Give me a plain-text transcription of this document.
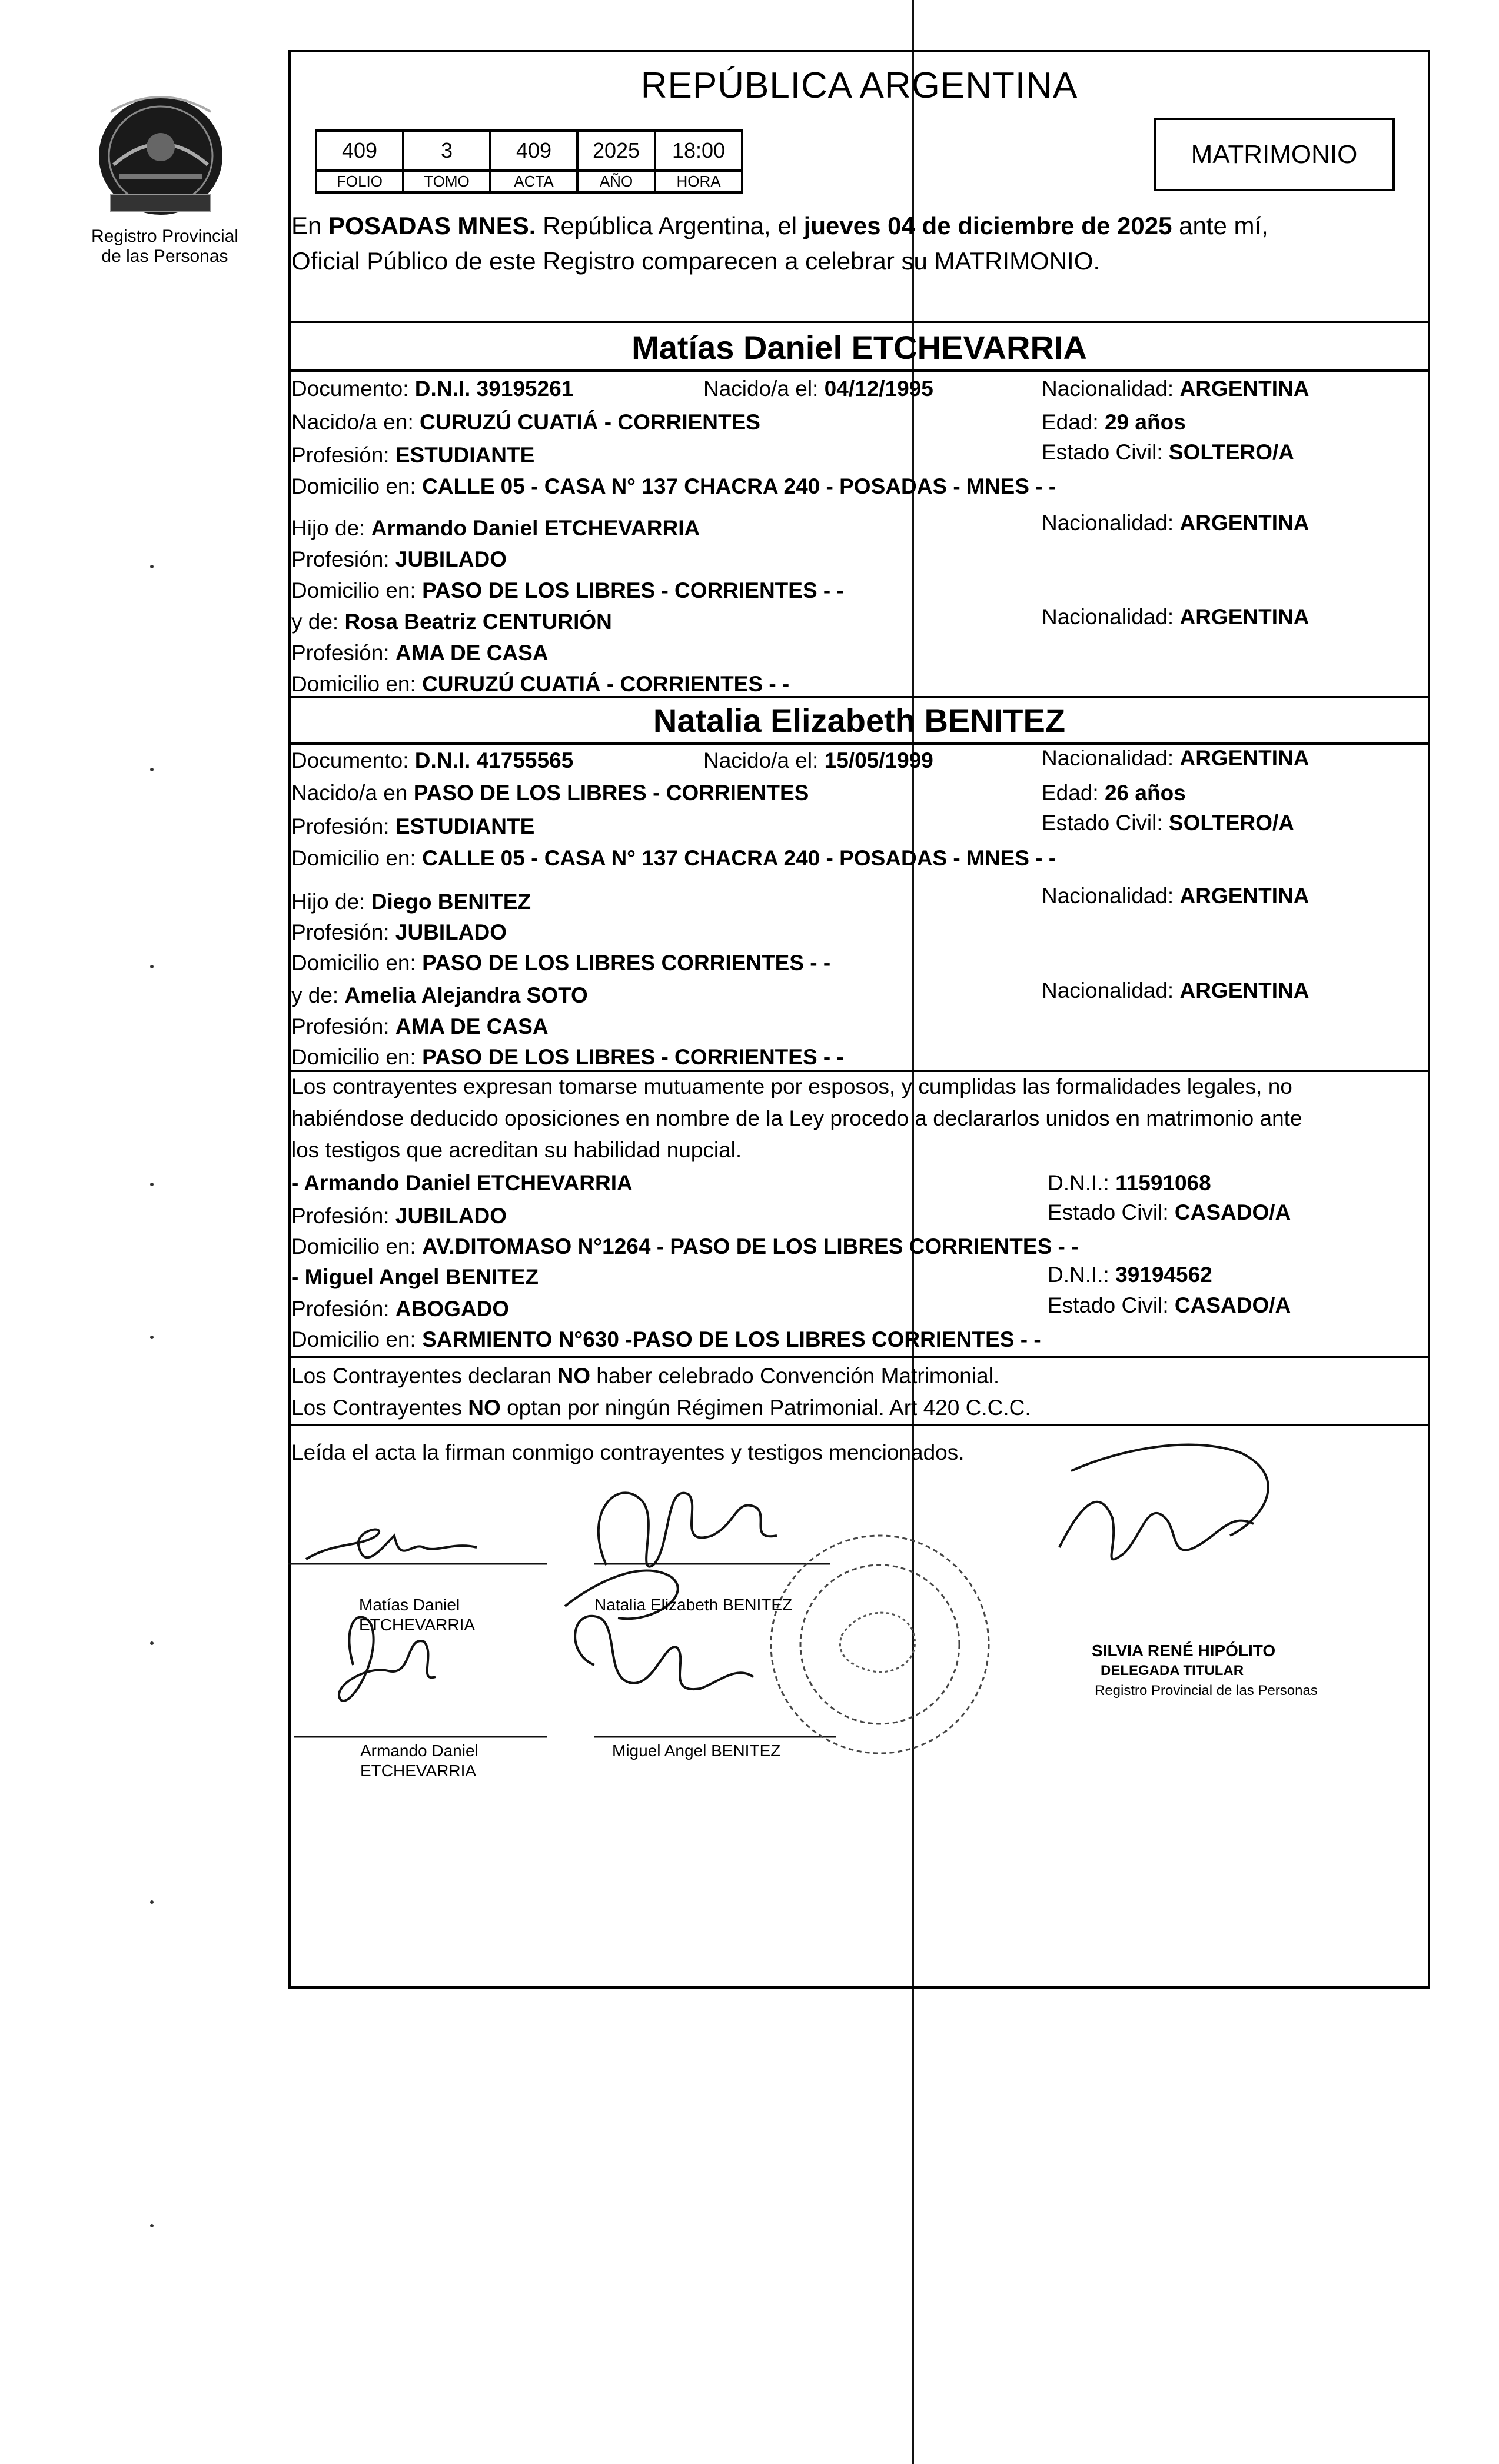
Registro Provincial
de las Personas
REPÚBLICA ARGENTINA
409	3	409	2025	18:00
FOLIO	TOMO	ACTA	AÑO	HORA
MATRIMONIO
En POSADAS MNES. República Argentina, el jueves 04 de diciembre de 2025 ante mí,
Oficial Público de este Registro comparecen a celebrar su MATRIMONIO.
Matías Daniel ETCHEVARRIA
Documento: D.N.I. 39195261	Nacido/a el: 04/12/1995	Nacionalidad: ARGENTINA
Nacido/a en: CURUZÚ CUATIÁ - CORRIENTES	Edad: 29 años
Profesión: ESTUDIANTE	Estado Civil: SOLTERO/A
Domicilio en: CALLE 05 - CASA N° 137 CHACRA 240 - POSADAS - MNES - -
Hijo de: Armando Daniel ETCHEVARRIA	Nacionalidad: ARGENTINA
Profesión: JUBILADO
Domicilio en: PASO DE LOS LIBRES - CORRIENTES - -
y de: Rosa Beatriz CENTURIÓN	Nacionalidad: ARGENTINA
Profesión: AMA DE CASA
Domicilio en: CURUZÚ CUATIÁ - CORRIENTES - -
Natalia Elizabeth BENITEZ
Documento: D.N.I. 41755565	Nacido/a el: 15/05/1999	Nacionalidad: ARGENTINA
Nacido/a en PASO DE LOS LIBRES - CORRIENTES	Edad: 26 años
Profesión: ESTUDIANTE	Estado Civil: SOLTERO/A
Domicilio en: CALLE 05 - CASA N° 137 CHACRA 240 - POSADAS - MNES - -
Hijo de: Diego BENITEZ	Nacionalidad: ARGENTINA
Profesión: JUBILADO
Domicilio en: PASO DE LOS LIBRES CORRIENTES - -
y de: Amelia Alejandra SOTO	Nacionalidad: ARGENTINA
Profesión: AMA DE CASA
Domicilio en: PASO DE LOS LIBRES - CORRIENTES - -
Los contrayentes expresan tomarse mutuamente por esposos, y cumplidas las formalidades legales, no
habiéndose deducido oposiciones en nombre de la Ley procedo a declararlos unidos en matrimonio ante
los testigos que acreditan su habilidad nupcial.
- Armando Daniel ETCHEVARRIA	D.N.I.: 11591068
Profesión: JUBILADO	Estado Civil: CASADO/A
Domicilio en: AV.DITOMASO N°1264 - PASO DE LOS LIBRES CORRIENTES - -
- Miguel Angel BENITEZ	D.N.I.: 39194562
Profesión: ABOGADO	Estado Civil: CASADO/A
Domicilio en: SARMIENTO N°630 -PASO DE LOS LIBRES CORRIENTES - -
Los Contrayentes declaran NO haber celebrado Convención Matrimonial.
Los Contrayentes NO optan por ningún Régimen Patrimonial. Art 420 C.C.C.
Leída el acta la firman conmigo contrayentes y testigos mencionados.
Matías Daniel
ETCHEVARRIA
Natalia Elizabeth BENITEZ
Armando Daniel
ETCHEVARRIA
Miguel Angel BENITEZ
SILVIA RENÉ HIPÓLITO
DELEGADA TITULAR
Registro Provincial de las Personas
